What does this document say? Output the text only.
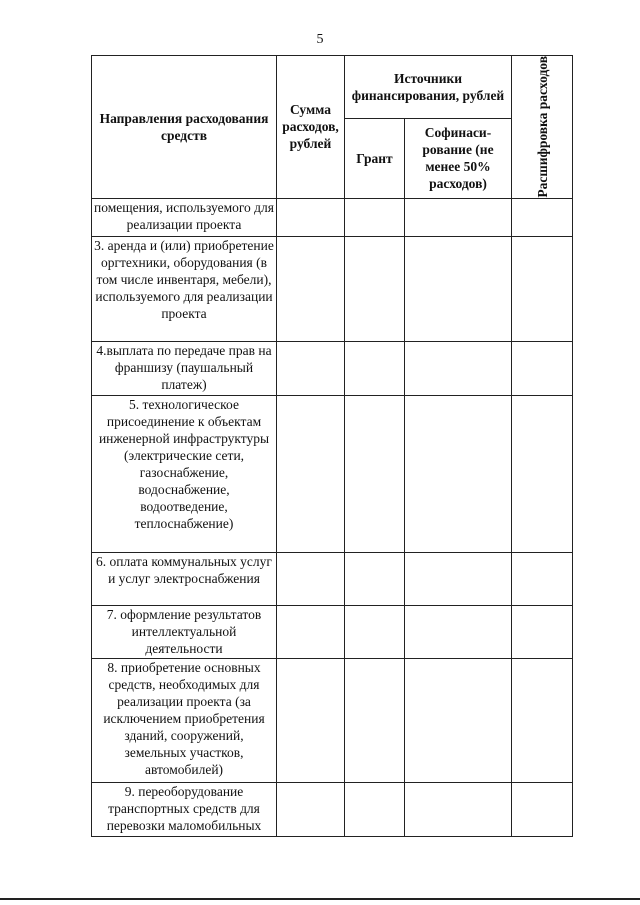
5
Направления расходования средств	Сумма расходов, рублей	Источники финансирования, рублей		Расшифровка расходов

		Грант	Софинаси-рование (не менее 50% расходов)	
помещения, используемого для реализации проекта				
3. аренда и (или) приобретение оргтехники, оборудования (в том числе инвентаря, мебели), используемого для реализации проекта				
4.выплата по передаче прав на франшизу (паушальный платеж)				
5. технологическое присоединение к объектам инженерной инфраструктуры (электрические сети, газоснабжение, водоснабжение, водоотведение, теплоснабжение)				
6. оплата коммунальных услуг и услуг электроснабжения				
7. оформление результатов интеллектуальной деятельности				
8. приобретение основных средств, необходимых для реализации проекта (за исключением приобретения зданий, сооружений, земельных участков, автомобилей)				
9. переоборудование транспортных средств для перевозки маломобильных				
